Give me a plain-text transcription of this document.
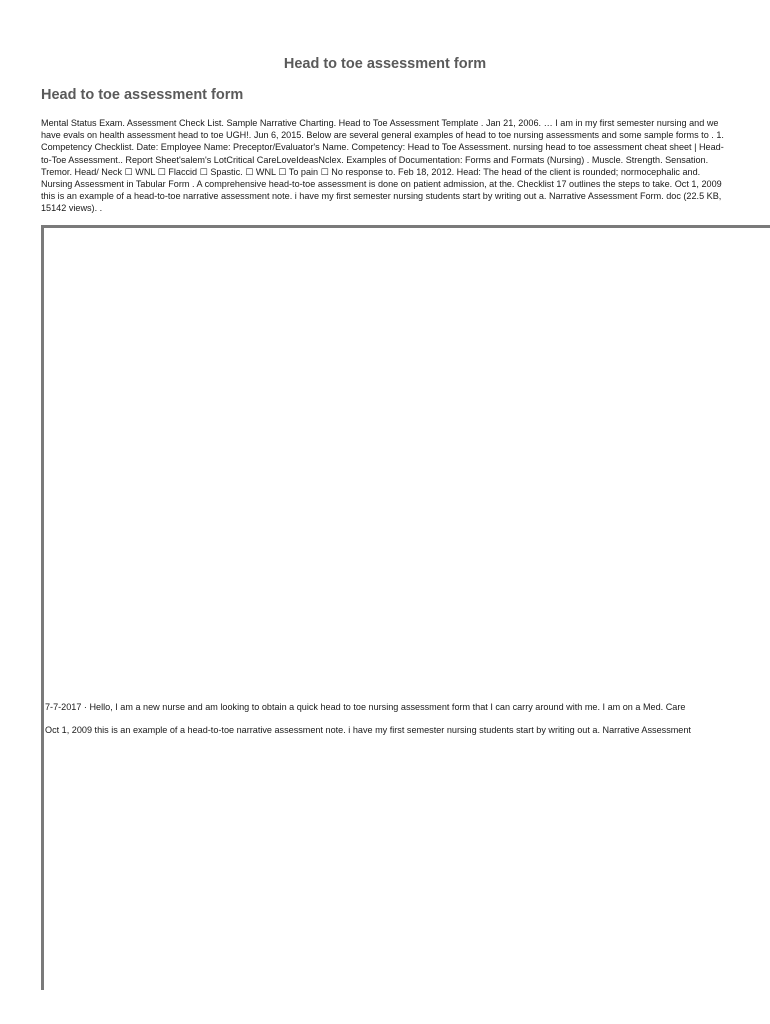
Head to toe assessment form
Head to toe assessment form

Mental Status Exam. Assessment Check List. Sample Narrative Charting. Head to Toe Assessment Template . Jan 21, 2006. … I am in my first semester nursing and we have evals on health assessment head to toe UGH!. Jun 6, 2015. Below are several general examples of head to toe nursing assessments and some sample forms to . 1. Competency Checklist. Date: Employee Name: Preceptor/Evaluator's Name. Competency: Head to Toe Assessment. nursing head to toe assessment cheat sheet | Head-to-Toe Assessment.. Report Sheet'salem's LotCritical CareLoveIdeasNclex. Examples of Documentation: Forms and Formats (Nursing) . Muscle. Strength. Sensation. Tremor. Head/ Neck ☐ WNL ☐ Flaccid ☐ Spastic. ☐ WNL ☐ To pain ☐ No response to. Feb 18, 2012. Head: The head of the client is rounded; normocephalic and. Nursing Assessment in Tabular Form . A comprehensive head-to-toe assessment is done on patient admission, at the. Checklist 17 outlines the steps to take. Oct 1, 2009 this is an example of a head-to-toe narrative assessment note. i have my first semester nursing students start by writing out a. Narrative Assessment Form. doc (22.5 KB, 15142 views). .

7-7-2017 · Hello, I am a new nurse and am looking to obtain a quick head to toe nursing assessment form that I can carry around with me. I am on a Med. Care

Oct 1, 2009 this is an example of a head-to-toe narrative assessment note. i have my first semester nursing students start by writing out a. Narrative Assessment
